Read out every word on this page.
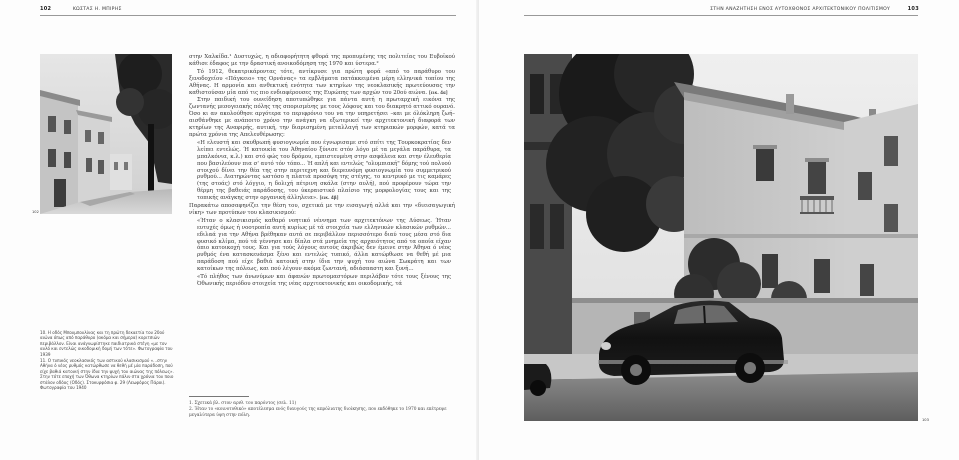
102	ΚΩΣΤΑΣ Η. ΜΠΙΡΗΣ
102

στην Χαλκίδα.¹ Δυστυχώς, η αδιαφορήτητη φθορά της προπυμένης της πολιτείας του Ευβοϊκού κάθισε έδαφος με την δραστική ανοικοδόμηση της 1970 και ύστερα.²

Τό 1912, θεκατρικάροντας τότε, αντίκρυσε για πρώτη φορά «από το παράθυρο του ξενοδοχείου «Πάγκειο» της Ορνάνας» τα εμβλήματα πατάκκειμένα μέρη ελληνικά τοπίου της Αθήνας. Η αρμονία και ανθεκτική ενότητα των κτηρίων της νεοκλασικής πρωτεύουσας την καθιστούσαν μία από τις πιο ενδιαφέρουσες της Ευρώπης των αρχών του 20ού αιώνα. [εικ. 4α]

Στην παιδική του ουνείδηση αποτυπώθηκε για πάντα αυτή η πρωταρχική εικόνα της ζωντανής μεσογειακής πόλης της σπορισμένης με τους λόφους και του διακρητό αττικό ουρανό. Όσο κι αν ακολούθησε αργότερα το περιφρόνιο του να την υπηρετήσει –και με όλόκληρη ζωή– αισθάνθηκε με ανάποιτο χρόνο την ανάγκη να εξωτερικεί την αρχιτεκτονική διαφορά των κτηρίων της Αναφιρής, αυτική, την διαρισημένη μεταλλαγή των κτηριακών μορφών, κατά τα πρώτα χρόνια της Απελευθέρωσης:

«Η ελευστή και σκυθρωπή φυσιογνωμία που έγνωρισαμε στό σπίτι της Τουρκοκρατίας δεν λείπει εντελώς. Ή κατοικία του Άθηναίου ξύνισε στόν λόγο μέ τα μεγάλα παράθυρα, τα μπαλκόνια, κ.λ.) και στό φώς του δρόμου, εμπιστευμένη στην ασφάλεια και στην έλευθερία που βασιλεύουν πια σ' αυτό τόν τόπο... Ή απλή και εντελώς "ολυμπιακή" δόμης τού πολυού στοιχού δίνει την θέα της στην περιτεχνη και διερευνόμη φυσιογνωμία του συμμετρικού ρυθμού... Διατηρώντας ωστόσο η πλατιά προσόψη της στέγης, το κεντρικό με τις καμάρες (της στοάς) στό λόγγιο, η δολιχή πέτρινη σκάλα (στην αυλή), πού προφέρουν τώρα την θέρμη της βαθειάς παράδοσης, του ύκεραιστικό πλαίσιο της μορφολογίας τους και της τοπικής ανάγκης στην οργανική άλληλεια». [εικ. 4β]

Παρακάτω αποσαφηνίζει την θέση του, σχετικά με την εισαγωγή αλλά και την «διεισαγωγική νίκη» των προτύπων του κλασικισμού:

«Ήταν ο κλασικισμός καθαρό νοητικό νέννημα των αρχιτεκτόνων της Δύσεως. Ήταν ευτυχές όμως ή νοοτροπία αυτή κυρίως μέ τά στοιχεία των ελληνικών κλασικών ρυθμών... εδιλαά για την Αθήνα βρέθηκαν αυτά σε περιβάλλον περισσότερο διαύ τους μέσα στό δια φυσικό κλίμα, πού τά γέννησε και δίπλα στά μνημεία της αρχαιότητος από τα οποία είχαν όπιο κατοικοχή τους. Και για τούς λόγους αυτούς άκριβώς δεν έμεινε στην Άθηνα ό νέος ρυθμός ένα κατασκευάσμα ξένο και εντελώς τυπικό, άλλα κατώρθωσε να θεθή μέ μια παράδοση πού είχε βαθιά κατοική στην ίδια την ψυχή του αιώνα Σωκράτη και των κατοίκων της πόλεως, και πού λέγουν ακόμα ζωντανή, αδιάσπαστη και ξυνή...

«Τό πλήθος των άνωνύμων και άφανών πρωτομαστόρων περιλάβαν τότε τους ξένους της Όθωνικής περιόδου στοιχεία της νέας αρχιτεκτονικής και οικοδομικής, τά

10. Η οδός Μπουμπουλίνας και τη πρώτη δεκαετία του 20ού αιώνα όπως από παράθυρο (ακόμα και σήμερα) κοριτσιών περιβάλλον. Είναι ανάγνωρίστηκε παιδιατρικά στέγη «με τον αυλό και εντελώς οικοδομική δομή των τότε». Φωτογραφία του 1939

11. Ο τυπικός νεοκλασικός των αστικού κλασικισμού «...στην Αθήνα ό νέος ρυθμός κατώρθωσε να θεθή μέ μία παράδοση, πού είχε βαθιά κατοική στην ίδια την ψυχή του αιώνας της πόλεως». Στην τότε εποχή των Όθωνα κτηρίων πάλιν στα χρόνια του ποιο στάλον οδόος (Οδός). Στοκυρφόσια φ. 29 (Λεωφόρος Πάροι). Φωτογραφία του 1940

1. Σχετικά βλ. στον αριθ. του παρόντος (σελ. 11)

2. Ήταν το «κοινοτυθικό» αποτέλεσμα ενός διαυγούς της απρόλιατης διοίκησης, που εκδόθηκε το 1970 και επέτρεψε μεγαλύτερα ύψη στην πόλη.

ΣΤΗΝ ΑΝΑΖΗΤΗΣΗ ΕΝΟΣ ΑΥΤΟΧΘΟΝΟΣ ΑΡΧΙΤΕΚΤΟΝΙΚΟΥ ΠΟΛΙΤΙΣΜΟΥ	103
103
